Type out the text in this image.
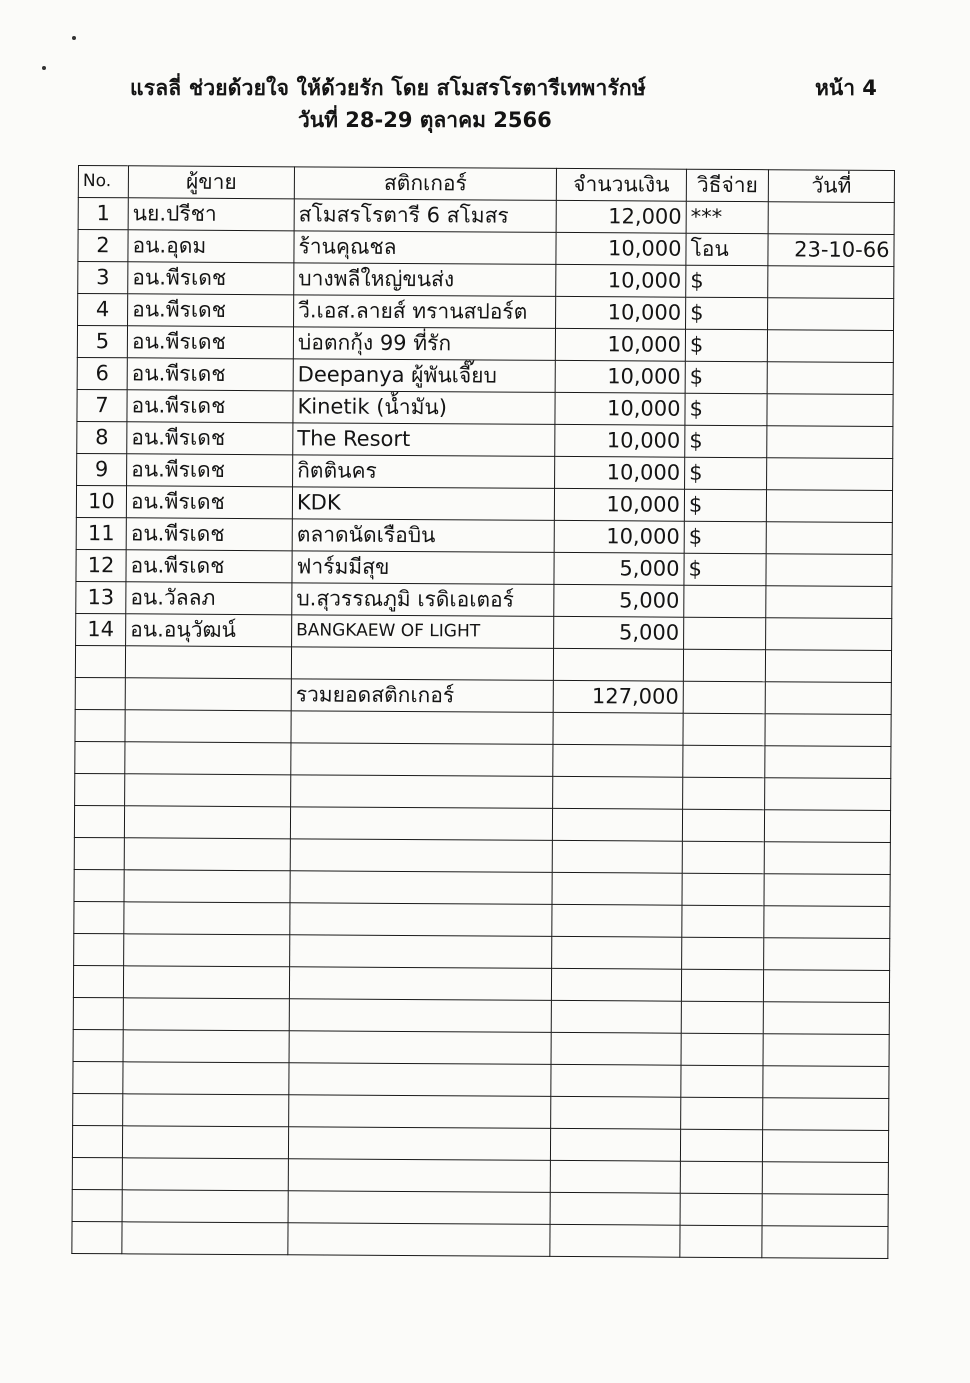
แรลลี่ ช่วยด้วยใจ ให้ด้วยรัก โดย สโมสรโรตารีเทพารักษ์	หน้า 4
วันที่ 28-29 ตุลาคม 2566
No.	ผู้ขาย	สติกเกอร์	จำนวนเงิน	วิธีจ่าย	วันที่
1	นย.ปรีชา	สโมสรโรตารี 6 สโมสร	12,000	***	
2	อน.อุดม	ร้านคุณชล	10,000	โอน	23-10-66
3	อน.พีรเดช	บางพลีใหญ่ขนส่ง	10,000	$	
4	อน.พีรเดช	วี.เอส.ลายส์ ทรานสปอร์ต	10,000	$	
5	อน.พีรเดช	บ่อตกกุ้ง 99 ที่รัก	10,000	$	
6	อน.พีรเดช	Deepanya ผู้พันเจี๊ยบ	10,000	$	
7	อน.พีรเดช	Kinetik (น้ำมัน)	10,000	$	
8	อน.พีรเดช	The Resort	10,000	$	
9	อน.พีรเดช	กิตตินคร	10,000	$	
10	อน.พีรเดช	KDK	10,000	$	
11	อน.พีรเดช	ตลาดนัดเรือบิน	10,000	$	
12	อน.พีรเดช	ฟาร์มมีสุข	5,000	$	
13	อน.วัลลภ	บ.สุวรรณภูมิ เรดิเอเตอร์	5,000		
14	อน.อนุวัฒน์	BANGKAEW OF LIGHT	5,000		

		รวมยอดสติกเกอร์	127,000		
